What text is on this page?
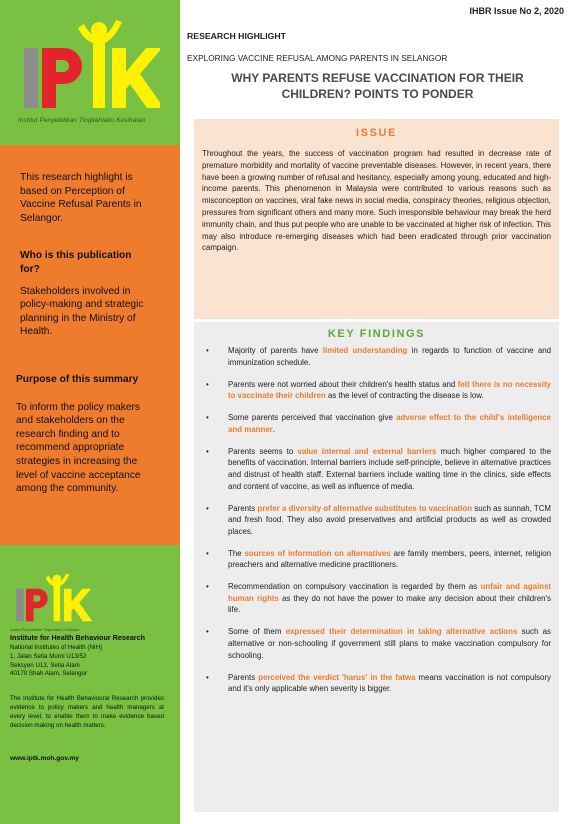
Institut Penyelidikan Tingkahlaku Kesihatan

This research highlight is based on Perception of Vaccine Refusal Parents in Selangor.

Who is this publication for?

Stakeholders involved in policy-making and strategic planning in the Ministry of Health.

Purpose of this summary

To inform the policy makers and stakeholders on the research finding and to recommend appropriate strategies in increasing the level of vaccine acceptance among the community.

Institut Penyelidikan Tingkahlaku Kesihatan
Institute for Health Behaviour Research
National Institutes of Health (NIH)
1, Jalan Setia Murni U13/52
Seksyen U13, Setia Alam
40170 Shah Alam, Selangor
The Institute for Health Behavioural Research provides evidence to policy makers and health managers at every level, to enable them to make evidence based decision making on health matters.
www.iptk.moh.gov.my
IHBR Issue No 2, 2020
RESEARCH HIGHLIGHT
EXPLORING VACCINE REFUSAL AMONG PARENTS IN SELANGOR
WHY PARENTS REFUSE VACCINATION FOR THEIR
CHILDREN? POINTS TO PONDER
ISSUE

Throughout the years, the success of vaccination program had resulted in decrease rate of premature morbidity and mortality of vaccine preventable diseases. However, in recent years, there have been a growing number of refusal and hesitancy, especially among young, educated and high-income parents. This phenomenon in Malaysia were contributed to various reasons such as misconception on vaccines, viral fake news in social media, conspiracy theories, religious objection, pressures from significant others and many more. Such irresponsible behaviour may break the herd immunity chain, and thus put people who are unable to be vaccinated at higher risk of infection. This may also introduce re-emerging diseases which had been eradicated through prior vaccination campaign.

KEY FINDINGS
• Majority of parents have limited understanding in regards to function of vaccine and immunization schedule.
• Parents were not worried about their children's health status and felt there is no necessity to vaccinate their children as the level of contracting the disease is low.
• Some parents perceived that vaccination give adverse effect to the child's intelligence and manner.
• Parents seems to value internal and external barriers much higher compared to the benefits of vaccination. Internal barriers include self-principle, believe in alternative practices and distrust of health staff. External barriers include waiting time in the clinics, side effects and content of vaccine, as well as influence of media.
• Parents prefer a diversity of alternative substitutes to vaccination such as sunnah, TCM and fresh food. They also avoid preservatives and artificial products as well as crowded places.
• The sources of information on alternatives are family members, peers, internet, religion preachers and alternative medicine practitioners.
• Recommendation on compulsory vaccination is regarded by them as unfair and against human rights as they do not have the power to make any decision about their children's life.
• Some of them expressed their determination in taking alternative actions such as alternative or non-schooling if government still plans to make vaccination compulsory for schooling.
• Parents perceived the verdict 'harus' in the fatwa means vaccination is not compulsory and it's only applicable when severity is bigger.
